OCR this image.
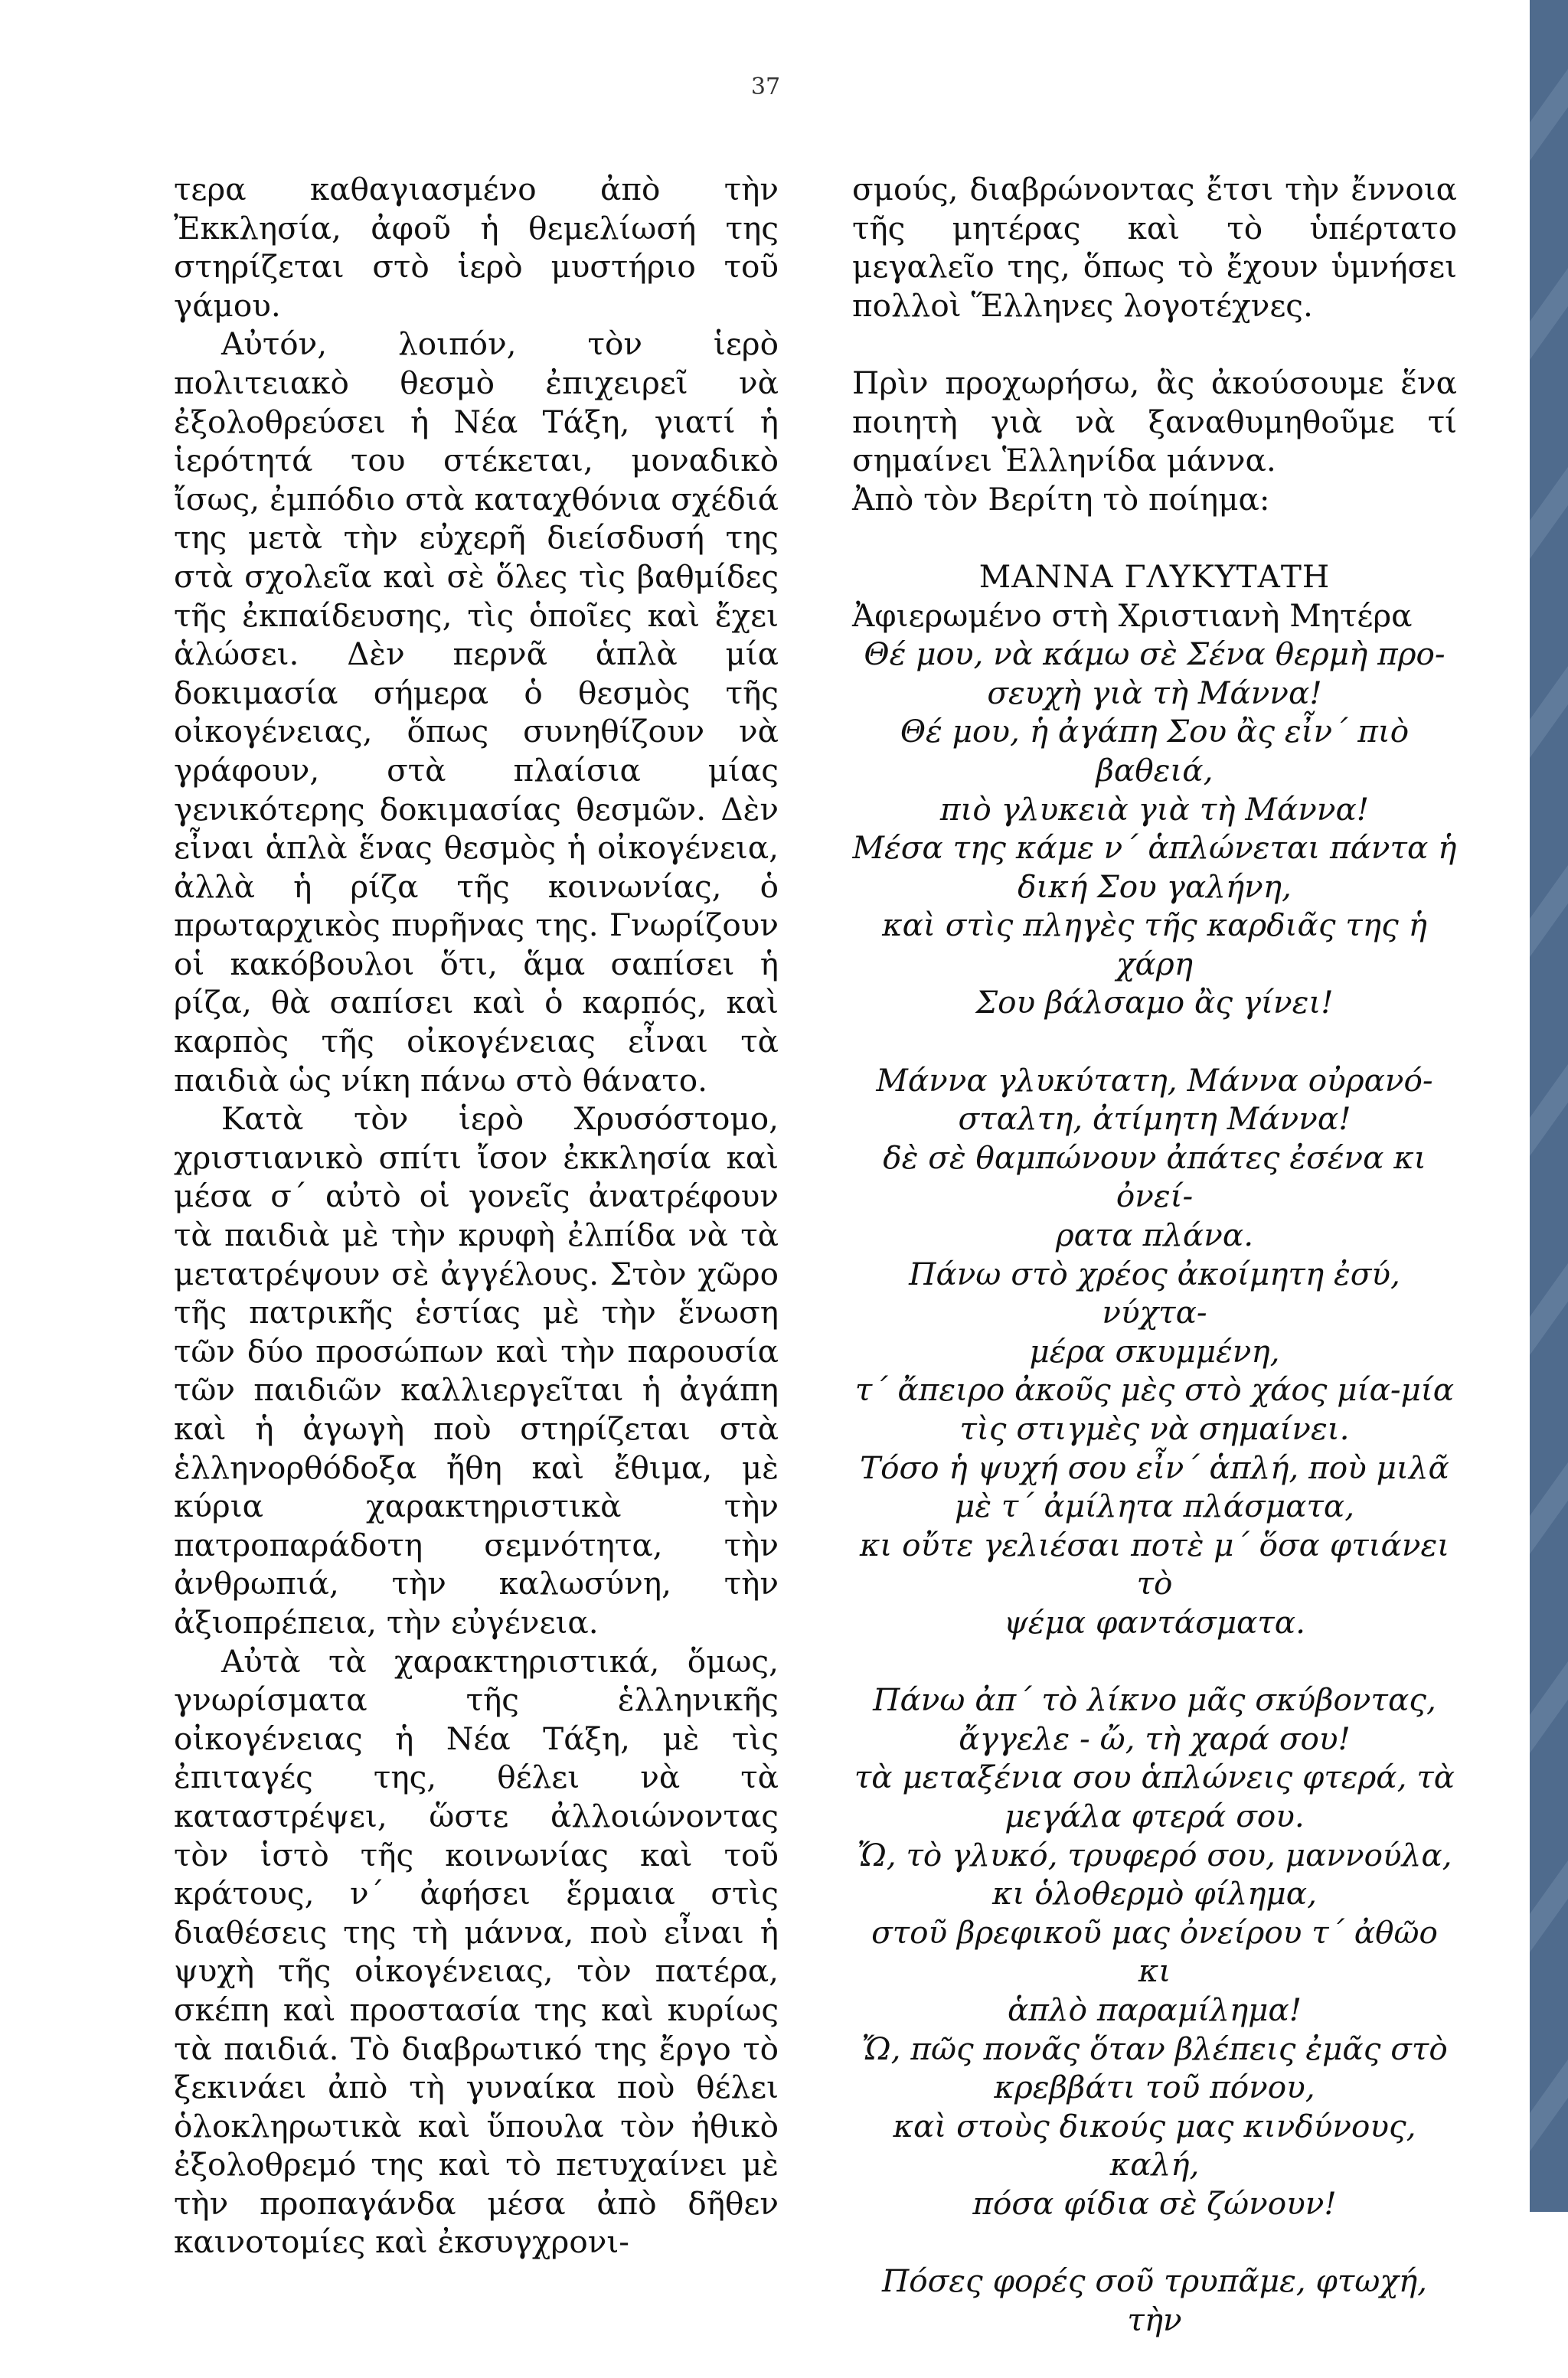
37

τερα καθαγιασμένο ἀπὸ τὴν Ἐκκλησία, ἀφοῦ ἡ θεμελίωσή της στηρίζεται στὸ ἱερὸ μυστήριο τοῦ γάμου.

Αὐτόν, λοιπόν, τὸν ἱερὸ πολιτειακὸ θεσμὸ ἐπιχειρεῖ νὰ ἐξολοθρεύσει ἡ Νέα Τάξη, γιατί ἡ ἱερότητά του στέκεται, μοναδικὸ ἴσως, ἐμπόδιο στὰ καταχθόνια σχέδιά της μετὰ τὴν εὐχερῆ διείσδυσή της στὰ σχολεῖα καὶ σὲ ὅλες τὶς βαθμίδες τῆς ἐκπαίδευσης, τὶς ὁποῖες καὶ ἔχει ἁλώσει. Δὲν περνᾶ ἁπλὰ μία δοκιμασία σήμερα ὁ θεσμὸς τῆς οἰκογένειας, ὅπως συνηθίζουν νὰ γράφουν, στὰ πλαίσια μίας γενικότερης δοκιμασίας θεσμῶν. Δὲν εἶναι ἁπλὰ ἕνας θεσμὸς ἡ οἰκογένεια, ἀλλὰ ἡ ρίζα τῆς κοινωνίας, ὁ πρωταρχικὸς πυρῆνας της. Γνωρίζουν οἱ κακόβουλοι ὅτι, ἅμα σαπίσει ἡ ρίζα, θὰ σαπίσει καὶ ὁ καρπός, καὶ καρπὸς τῆς οἰκογένειας εἶναι τὰ παιδιὰ ὡς νίκη πάνω στὸ θάνατο.

Κατὰ τὸν ἱερὸ Χρυσόστομο, χριστιανικὸ σπίτι ἴσον ἐκκλησία καὶ μέσα σ΄ αὐτὸ οἱ γονεῖς ἀνατρέφουν τὰ παιδιὰ μὲ τὴν κρυφὴ ἐλπίδα νὰ τὰ μετατρέψουν σὲ ἀγγέλους. Στὸν χῶρο τῆς πατρικῆς ἑστίας μὲ τὴν ἕνωση τῶν δύο προσώπων καὶ τὴν παρουσία τῶν παιδιῶν καλλιεργεῖται ἡ ἀγάπη καὶ ἡ ἀγωγὴ ποὺ στηρίζεται στὰ ἑλληνορθόδοξα ἤθη καὶ ἔθιμα, μὲ κύρια χαρακτηριστικὰ τὴν πατροπαράδοτη σεμνότητα, τὴν ἀνθρωπιά, τὴν καλωσύνη, τὴν ἀξιοπρέπεια, τὴν εὐγένεια.

Αὐτὰ τὰ χαρακτηριστικά, ὅμως, γνωρίσματα τῆς ἑλληνικῆς οἰκογένειας ἡ Νέα Τάξη, μὲ τὶς ἐπιταγές της, θέλει νὰ τὰ καταστρέψει, ὥστε ἀλλοιώνοντας τὸν ἱστὸ τῆς κοινωνίας καὶ τοῦ κράτους, ν΄ ἀφήσει ἕρμαια στὶς διαθέσεις της τὴ μάννα, ποὺ εἶναι ἡ ψυχὴ τῆς οἰκογένειας, τὸν πατέρα, σκέπη καὶ προστασία της καὶ κυρίως τὰ παιδιά. Τὸ διαβρωτικό της ἔργο τὸ ξεκινάει ἀπὸ τὴ γυναίκα ποὺ θέλει ὁλοκληρωτικὰ καὶ ὕπουλα τὸν ἠθικὸ ἐξολοθρεμό της καὶ τὸ πετυχαίνει μὲ τὴν προπαγάνδα μέσα ἀπὸ δῆθεν καινοτομίες καὶ ἐκσυγχρονι-

σμούς, διαβρώνοντας ἔτσι τὴν ἔννοια τῆς μητέρας καὶ τὸ ὑπέρτατο μεγαλεῖο της, ὅπως τὸ ἔχουν ὑμνήσει πολλοὶ Ἕλληνες λογοτέχνες.

Πρὶν προχωρήσω, ἂς ἀκούσουμε ἕνα ποιητὴ γιὰ νὰ ξαναθυμηθοῦμε τί σημαίνει Ἑλληνίδα μάννα.

Ἀπὸ τὸν Βερίτη τὸ ποίημα:

ΜΑΝΝΑ ΓΛΥΚΥΤΑΤΗ

Ἀφιερωμένο στὴ Χριστιανὴ Μητέρα

Θέ μου, νὰ κάμω σὲ Σένα θερμὴ προ-
σευχὴ γιὰ τὴ Μάννα!
Θέ μου, ἡ ἀγάπη Σου ἂς εἶν΄ πιὸ βαθειά,
πιὸ γλυκειὰ γιὰ τὴ Μάννα!
Μέσα της κάμε ν΄ ἁπλώνεται πάντα ἡ
δική Σου γαλήνη,
καὶ στὶς πληγὲς τῆς καρδιᾶς της ἡ χάρη
Σου βάλσαμο ἂς γίνει!
Μάννα γλυκύτατη, Μάννα οὐρανό-
σταλτη, ἀτίμητη Μάννα!
δὲ σὲ θαμπώνουν ἀπάτες ἐσένα κι ὀνεί-
ρατα πλάνα.
Πάνω στὸ χρέος ἀκοίμητη ἐσύ, νύχτα-
μέρα σκυμμένη,
τ΄ ἄπειρο ἀκοῦς μὲς στὸ χάος μία-μία
τὶς στιγμὲς νὰ σημαίνει.
Τόσο ἡ ψυχή σου εἶν΄ ἁπλή, ποὺ μιλᾶ
μὲ τ΄ ἀμίλητα πλάσματα,
κι οὔτε γελιέσαι ποτὲ μ΄ ὅσα φτιάνει τὸ
ψέμα φαντάσματα.
Πάνω ἀπ΄ τὸ λίκνο μᾶς σκύβοντας,
ἄγγελε - ὤ, τὴ χαρά σου!
τὰ μεταξένια σου ἁπλώνεις φτερά, τὰ
μεγάλα φτερά σου.
Ὤ, τὸ γλυκό, τρυφερό σου, μαννούλα,
κι ὁλοθερμὸ φίλημα,
στοῦ βρεφικοῦ μας ὀνείρου τ΄ ἀθῶο κι
ἁπλὸ παραμίλημα!
Ὤ, πῶς πονᾶς ὅταν βλέπεις ἐμᾶς στὸ
κρεββάτι τοῦ πόνου,
καὶ στοὺς δικούς μας κινδύνους, καλή,
πόσα φίδια σὲ ζώνουν!
Πόσες φορές σοῦ τρυπᾶμε, φτωχή, τὴν
